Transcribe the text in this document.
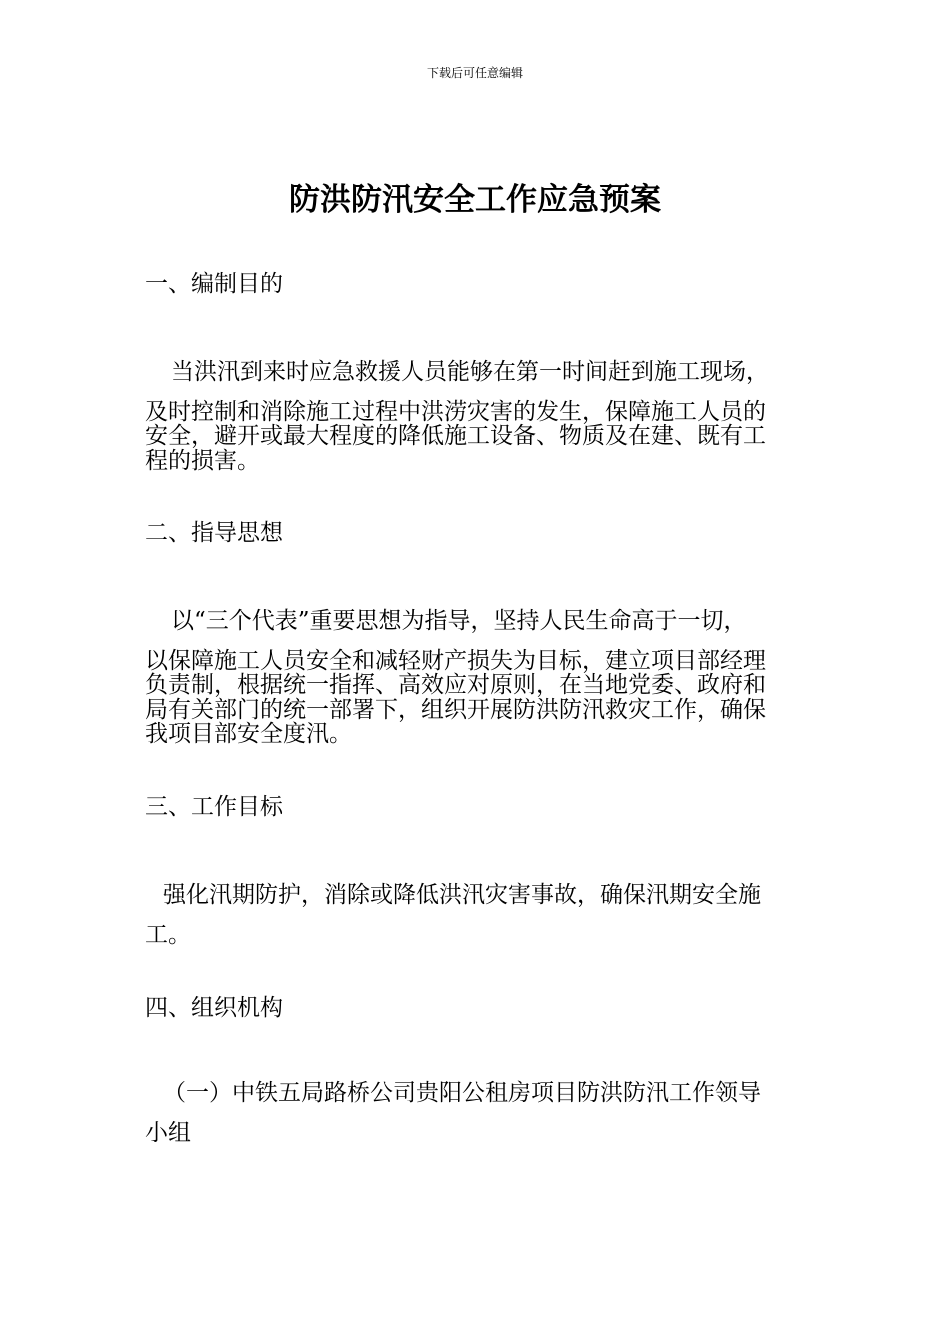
下载后可任意编辑
防洪防汛安全工作应急预案
一、编制目的
当洪汛到来时应急救援人员能够在第一时间赶到施工现场，
及时控制和消除施工过程中洪涝灾害的发生，保障施工人员的
安全，避开或最大程度的降低施工设备、物质及在建、既有工
程的损害。
二、指导思想
以“三个代表”重要思想为指导，坚持人民生命高于一切，
以保障施工人员安全和减轻财产损失为目标，建立项目部经理
负责制，根据统一指挥、高效应对原则，在当地党委、政府和
局有关部门的统一部署下，组织开展防洪防汛救灾工作，确保
我项目部安全度汛。
三、工作目标
强化汛期防护，消除或降低洪汛灾害事故，确保汛期安全施
工。
四、组织机构
（一）中铁五局路桥公司贵阳公租房项目防洪防汛工作领导
小组
